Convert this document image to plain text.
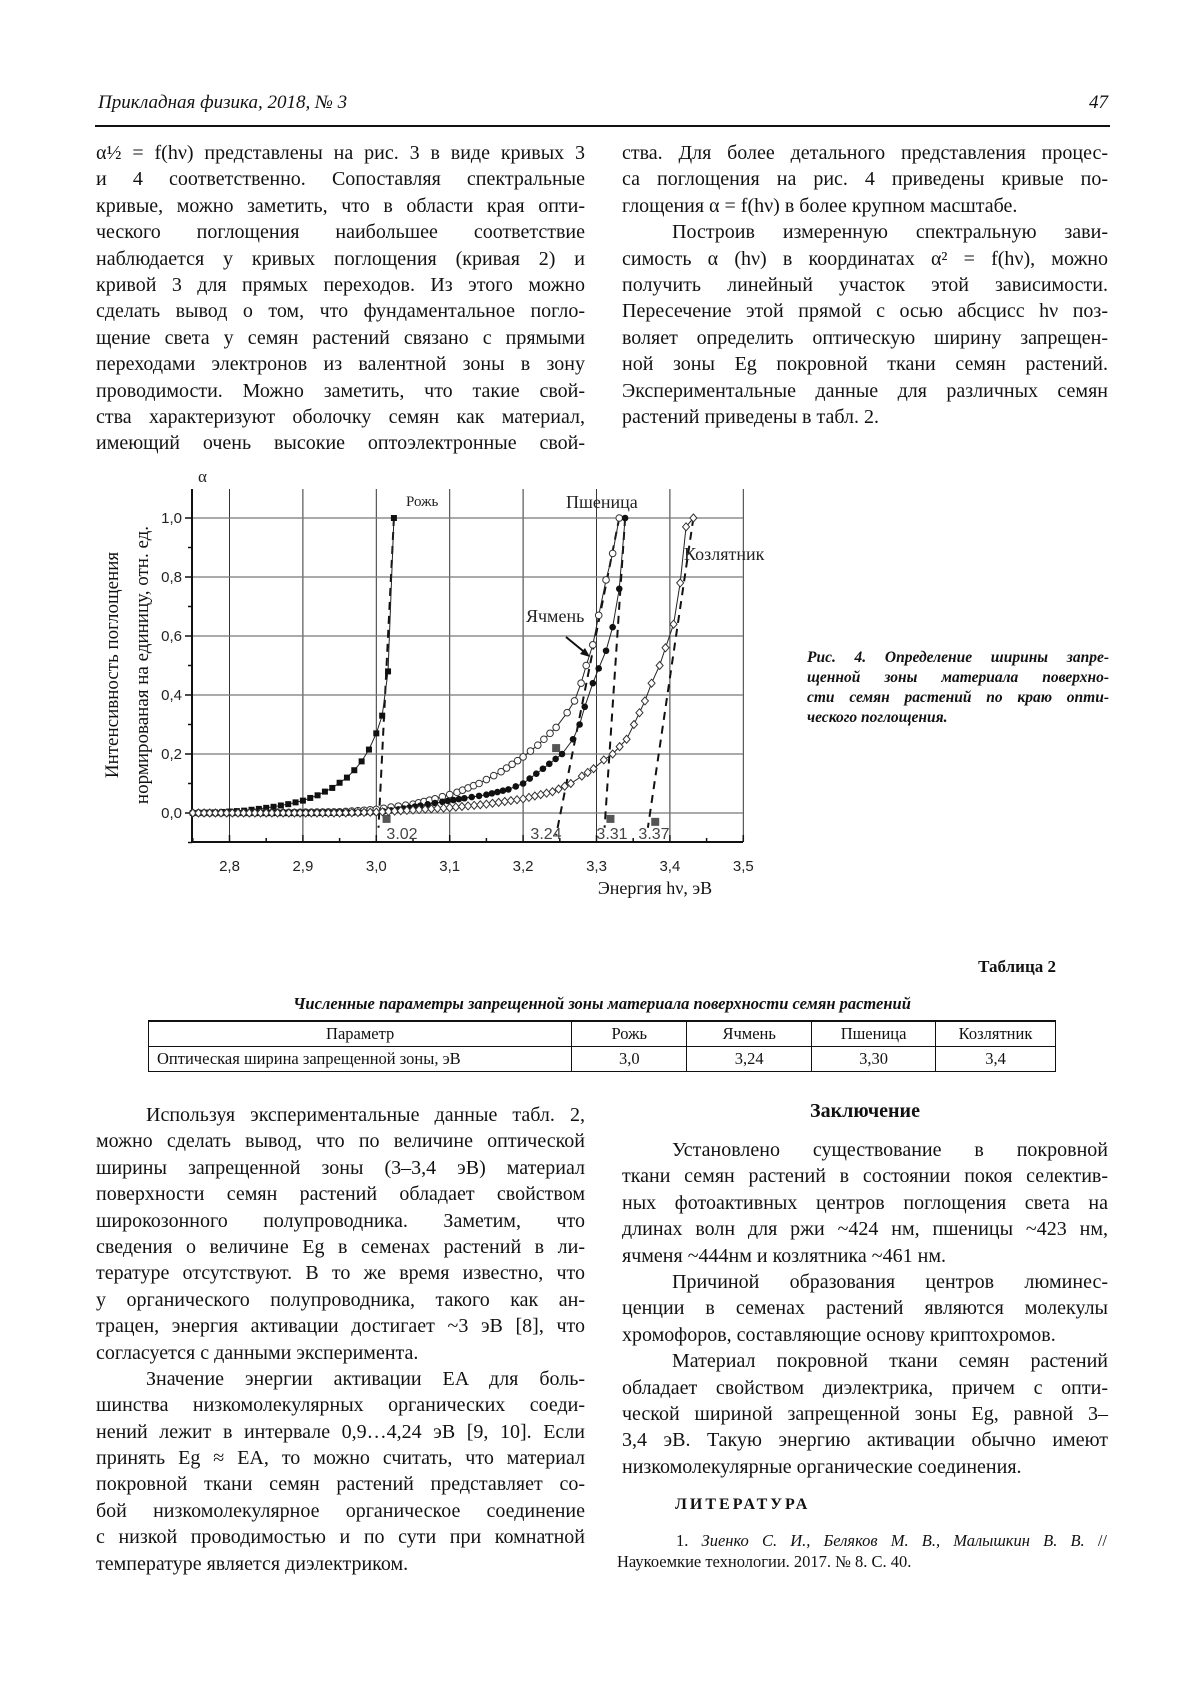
Прикладная физика, 2018, № 3	47
α½ = f(hν) представлены на рис. 3 в виде кривых 3
и 4 соответственно. Сопоставляя спектральные
кривые, можно заметить, что в области края опти-
ческого поглощения наибольшее соответствие
наблюдается у кривых поглощения (кривая 2) и
кривой 3 для прямых переходов. Из этого можно
сделать вывод о том, что фундаментальное погло-
щение света у семян растений связано с прямыми
переходами электронов из валентной зоны в зону
проводимости. Можно заметить, что такие свой-
ства характеризуют оболочку семян как материал,
имеющий очень высокие оптоэлектронные свой-
ства. Для более детального представления процес-
са поглощения на рис. 4 приведены кривые по-
глощения α = f(hν) в более крупном масштабе.
Построив измеренную спектральную зави-
симость α (hν) в координатах α² = f(hν), можно
получить линейный участок этой зависимости.
Пересечение этой прямой с осью абсцисс hν поз-
воляет определить оптическую ширину запрещен-
ной зоны Eg покровной ткани семян растений.
Экспериментальные данные для различных семян
растений приведены в табл. 2.
2,8	2,9	3,0	3,1	3,2	3,3	3,4	3,5
0,0
0,2
0,4
0,6
0,8
1,0
α
Энергия hν, эВ
Интенсивность поглощения нормированая на единицу, отн. ед.
3.02	3.24 3.31 3.37
Рожь
Ячмень
Пшеница
Козлятник
Рис. 4. Определение ширины запре-
щенной зоны материала поверхно-
сти семян растений по краю опти-
ческого поглощения.
Таблица 2
Численные параметры запрещенной зоны материала поверхности семян растений
Параметр	Рожь	Ячмень	Пшеница	Козлятник
Оптическая ширина запрещенной зоны, эВ	3,0	3,24	3,30	3,4
Используя экспериментальные данные табл. 2,
можно сделать вывод, что по величине оптической
ширины запрещенной зоны (3–3,4 эВ) материал
поверхности семян растений обладает свойством
широкозонного полупроводника. Заметим, что
сведения о величине Eg в семенах растений в ли-
тературе отсутствуют. В то же время известно, что
у органического полупроводника, такого как ан-
трацен, энергия активации достигает ~3 эВ [8], что
согласуется с данными эксперимента.
Значение энергии активации EA для боль-
шинства низкомолекулярных органических соеди-
нений лежит в интервале 0,9…4,24 эВ [9, 10]. Если
принять Eg ≈ EA, то можно считать, что материал
покровной ткани семян растений представляет со-
бой низкомолекулярное органическое соединение
с низкой проводимостью и по сути при комнатной
температуре является диэлектриком.
Заключение
Установлено существование в покровной
ткани семян растений в состоянии покоя селектив-
ных фотоактивных центров поглощения света на
длинах волн для ржи ~424 нм, пшеницы ~423 нм,
ячменя ~444нм и козлятника ~461 нм.
Причиной образования центров люминес-
ценции в семенах растений являются молекулы
хромофоров, составляющие основу криптохромов.
Материал покровной ткани семян растений
обладает свойством диэлектрика, причем с опти-
ческой шириной запрещенной зоны Eg, равной 3–
3,4 эВ. Такую энергию активации обычно имеют
низкомолекулярные органические соединения.
ЛИТЕРАТУРА
1. Зиенко С. И., Беляков М. В., Малышкин В. В. //
Наукоемкие технологии. 2017. № 8. С. 40.
